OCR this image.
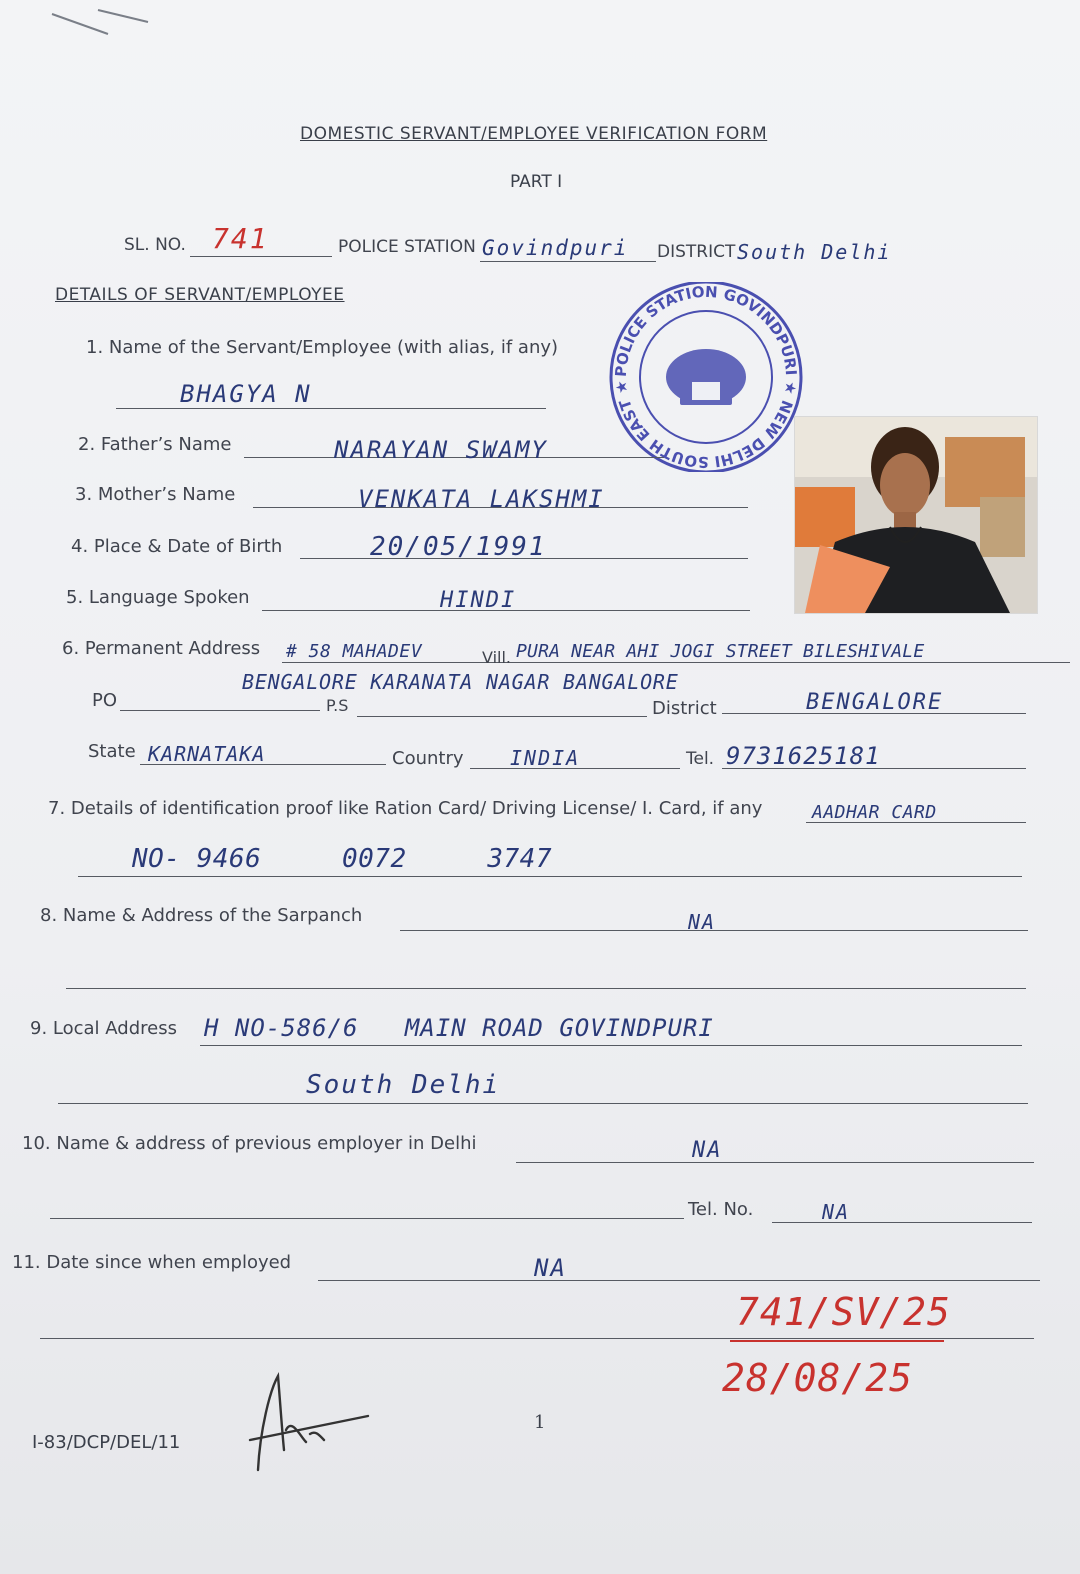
DOMESTIC SERVANT/EMPLOYEE VERIFICATION FORM
PART I
SL. NO. 741	POLICE STATION Govindpuri DISTRICT South Delhi
DETAILS OF SERVANT/EMPLOYEE
POLICE STATION GOVINDPURI ★ NEW DELHI SOUTH EAST ★
1. Name of the Servant/Employee (with alias, if any)
BHAGYA N
2. Father’s Name	NARAYAN SWAMY
3. Mother’s Name	VENKATA LAKSHMI
4. Place & Date of Birth	20/05/1991
5. Language Spoken	HINDI
6. Permanent Address # 58 MAHADEV	Vill. PURA NEAR AHI JOGI STREET BILESHIVALE
BENGALORE KARANATA NAGAR BANGALORE
PO	P.S	District	BENGALORE
State KARNATAKA	Country INDIA	Tel. 9731625181
7. Details of identification proof like Ration Card/ Driving License/ I. Card, if any	AADHAR CARD
NO- 9466     0072     3747
8. Name & Address of the Sarpanch	NA
9. Local Address H NO-586/6   MAIN ROAD GOVINDPURI
South Delhi
10. Name & address of previous employer in Delhi	NA
Tel. No.	NA
11. Date since when employed	NA
741/SV/25
28/08/25
I-83/DCP/DEL/11
1
